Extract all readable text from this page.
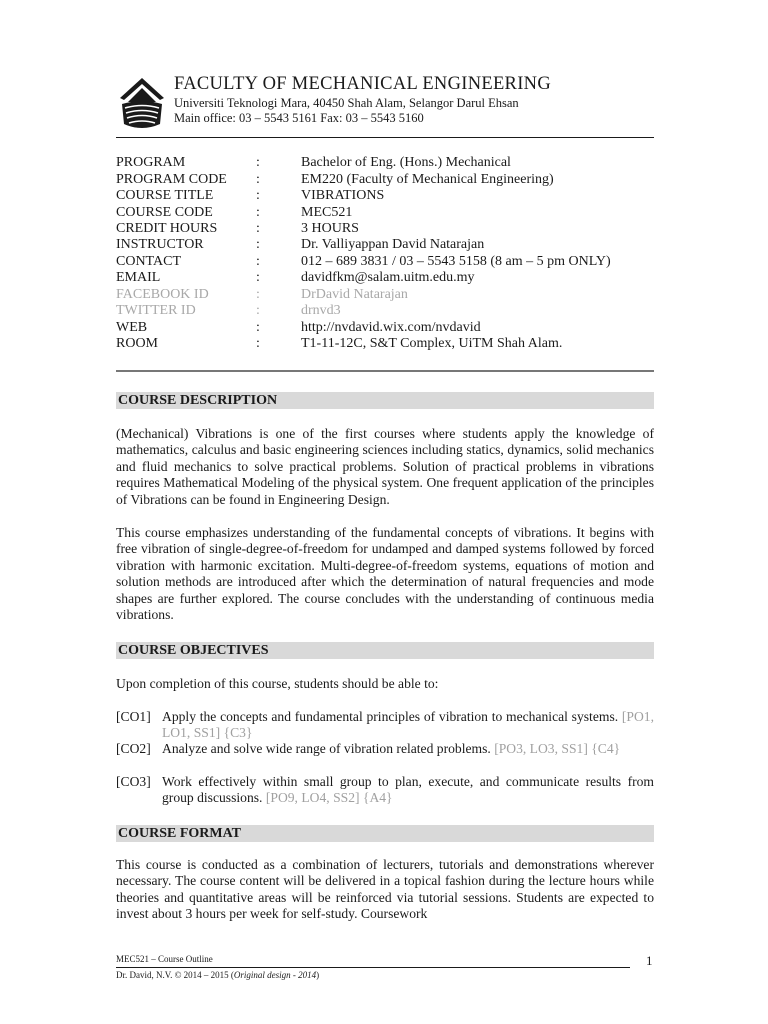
FACULTY OF MECHANICAL ENGINEERING
Universiti Teknologi Mara, 40450 Shah Alam, Selangor Darul Ehsan
Main office: 03 – 5543 5161 Fax: 03 – 5543 5160
PROGRAM	:	Bachelor of Eng. (Hons.) Mechanical
PROGRAM CODE :	EM220 (Faculty of Mechanical Engineering)
COURSE TITLE	:	VIBRATIONS
COURSE CODE	:	MEC521
CREDIT HOURS	:	3 HOURS
INSTRUCTOR	:	Dr. Valliyappan David Natarajan
CONTACT	:	012 – 689 3831 / 03 – 5543 5158 (8 am – 5 pm ONLY)
EMAIL	:	davidfkm@salam.uitm.edu.my
FACEBOOK ID	:	DrDavid Natarajan
TWITTER ID	:	drnvd3
WEB	:	http://nvdavid.wix.com/nvdavid
ROOM	:	T1-11-12C, S&T Complex, UiTM Shah Alam.
COURSE DESCRIPTION
(Mechanical) Vibrations is one of the first courses where students apply the knowledge of mathematics, calculus and basic engineering sciences including statics, dynamics, solid mechanics and fluid mechanics to solve practical problems. Solution of practical problems in vibrations requires Mathematical Modeling of the physical system. One frequent application of the principles of Vibrations can be found in Engineering Design.
This course emphasizes understanding of the fundamental concepts of vibrations. It begins with free vibration of single-degree-of-freedom for undamped and damped systems followed by forced vibration with harmonic excitation. Multi-degree-of-freedom systems, equations of motion and solution methods are introduced after which the determination of natural frequencies and mode shapes are further explored. The course concludes with the understanding of continuous media vibrations.
COURSE OBJECTIVES
Upon completion of this course, students should be able to:
[CO1] Apply the concepts and fundamental principles of vibration to mechanical systems. [PO1, LO1, SS1] {C3}
[CO2] Analyze and solve wide range of vibration related problems. [PO3, LO3, SS1] {C4}
[CO3] Work effectively within small group to plan, execute, and communicate results from group discussions. [PO9, LO4, SS2] {A4}
COURSE FORMAT
This course is conducted as a combination of lecturers, tutorials and demonstrations wherever necessary. The course content will be delivered in a topical fashion during the lecture hours while theories and quantitative areas will be reinforced via tutorial sessions. Students are expected to invest about 3 hours per week for self-study. Coursework
MEC521 – Course Outline
Dr. David, N.V. © 2014 – 2015 (Original design - 2014)
1
